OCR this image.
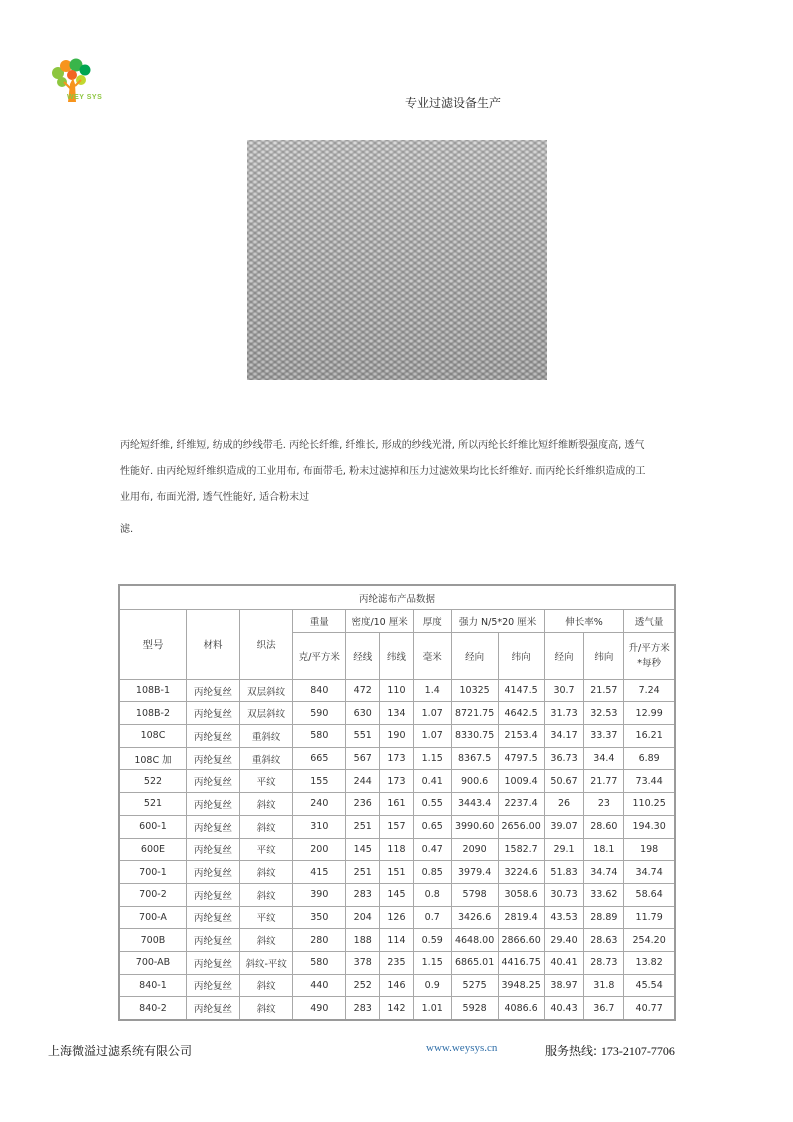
WEY SYS	专业过滤设备生产

丙纶短纤维, 纤维短, 纺成的纱线带毛. 丙纶长纤维, 纤维长, 形成的纱线光滑, 所以丙纶长纤维比短纤维断裂强度高, 透气

性能好. 由丙纶短纤维织造成的工业用布, 布面带毛, 粉末过滤掉和压力过滤效果均比长纤维好. 而丙纶长纤维织造成的工

业用布, 布面光滑, 透气性能好, 适合粉末过

滤.

丙纶滤布产品数据											
型号	材料	织法	重量	密度/10 厘米		厚度	强力 N/5*20 厘米		伸长率%		透气量
			克/平方米	经线	纬线	毫米	经向	纬向	经向	纬向	升/平方米
*每秒

108B-1	丙纶复丝	双层斜纹	840	472	110	1.4	10325	4147.5	30.7	21.57	7.24
108B-2	丙纶复丝	双层斜纹	590	630	134	1.07	8721.75	4642.5	31.73	32.53	12.99
108C	丙纶复丝	重斜纹	580	551	190	1.07	8330.75	2153.4	34.17	33.37	16.21
108C 加	丙纶复丝	重斜纹	665	567	173	1.15	8367.5	4797.5	36.73	34.4	6.89
522	丙纶复丝	平纹	155	244	173	0.41	900.6	1009.4	50.67	21.77	73.44
521	丙纶复丝	斜纹	240	236	161	0.55	3443.4	2237.4	26	23	110.25
600-1	丙纶复丝	斜纹	310	251	157	0.65	3990.60	2656.00	39.07	28.60	194.30
600E	丙纶复丝	平纹	200	145	118	0.47	2090	1582.7	29.1	18.1	198
700-1	丙纶复丝	斜纹	415	251	151	0.85	3979.4	3224.6	51.83	34.74	34.74
700-2	丙纶复丝	斜纹	390	283	145	0.8	5798	3058.6	30.73	33.62	58.64
700-A	丙纶复丝	平纹	350	204	126	0.7	3426.6	2819.4	43.53	28.89	11.79
700B	丙纶复丝	斜纹	280	188	114	0.59	4648.00	2866.60	29.40	28.63	254.20
700-AB	丙纶复丝	斜纹-平纹	580	378	235	1.15	6865.01	4416.75	40.41	28.73	13.82
840-1	丙纶复丝	斜纹	440	252	146	0.9	5275	3948.25	38.97	31.8	45.54
840-2	丙纶复丝	斜纹	490	283	142	1.01	5928	4086.6	40.43	36.7	40.77
上海微溢过滤系统有限公司	www.weysys.cn	服务热线: 173-2107-7706
